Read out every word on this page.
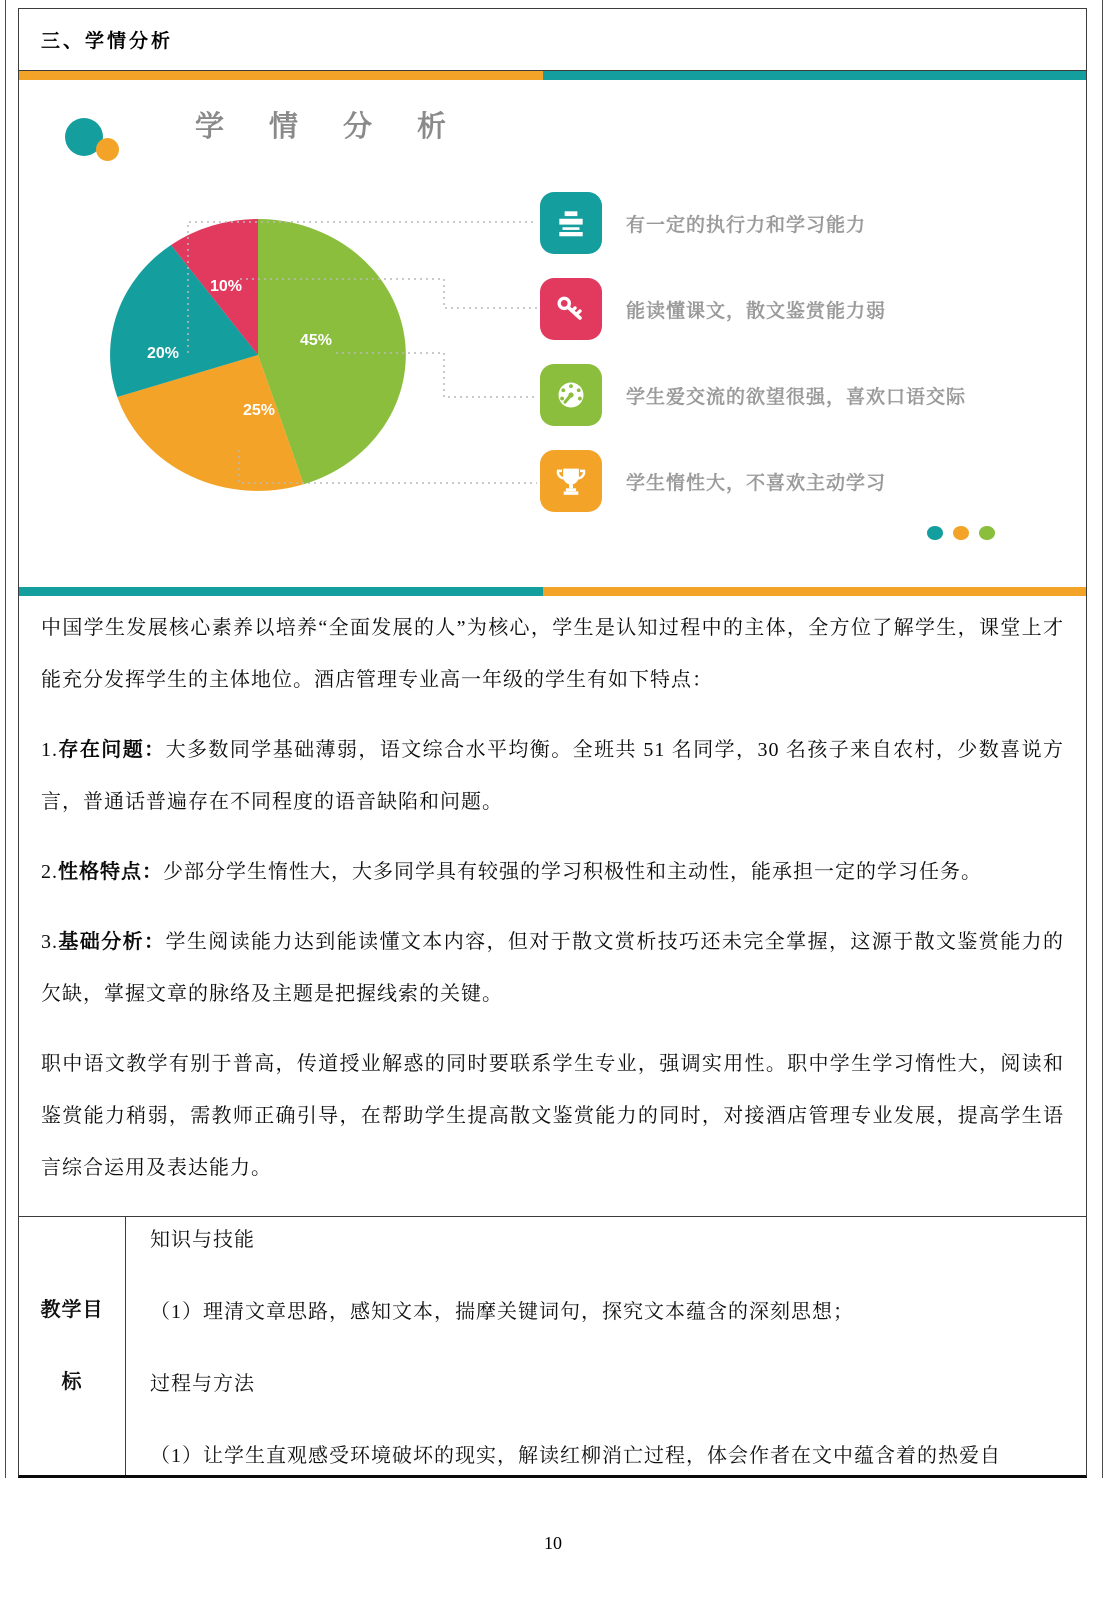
三、学情分析
学情分析
45%
25%
20%
10%
有一定的执行力和学习能力
能读懂课文，散文鉴赏能力弱
学生爱交流的欲望很强，喜欢口语交际
学生惰性大，不喜欢主动学习

中国学生发展核心素养以培养“全面发展的人”为核心，学生是认知过程中的主体，全方位了解学生，课堂上才能充分发挥学生的主体地位。酒店管理专业高一年级的学生有如下特点：

1.存在问题：大多数同学基础薄弱，语文综合水平均衡。全班共 51 名同学，30 名孩子来自农村，少数喜说方言，普通话普遍存在不同程度的语音缺陷和问题。

2.性格特点：少部分学生惰性大，大多同学具有较强的学习积极性和主动性，能承担一定的学习任务。

3.基础分析：学生阅读能力达到能读懂文本内容，但对于散文赏析技巧还未完全掌握，这源于散文鉴赏能力的欠缺，掌握文章的脉络及主题是把握线索的关键。

职中语文教学有别于普高，传道授业解惑的同时要联系学生专业，强调实用性。职中学生学习惰性大，阅读和鉴赏能力稍弱，需教师正确引导，在帮助学生提高散文鉴赏能力的同时，对接酒店管理专业发展，提高学生语言综合运用及表达能力。

教学目标
知识与技能
（1）理清文章思路，感知文本，揣摩关键词句，探究文本蕴含的深刻思想；
过程与方法
（1）让学生直观感受环境破坏的现实，解读红柳消亡过程，体会作者在文中蕴含着的热爱自
10
